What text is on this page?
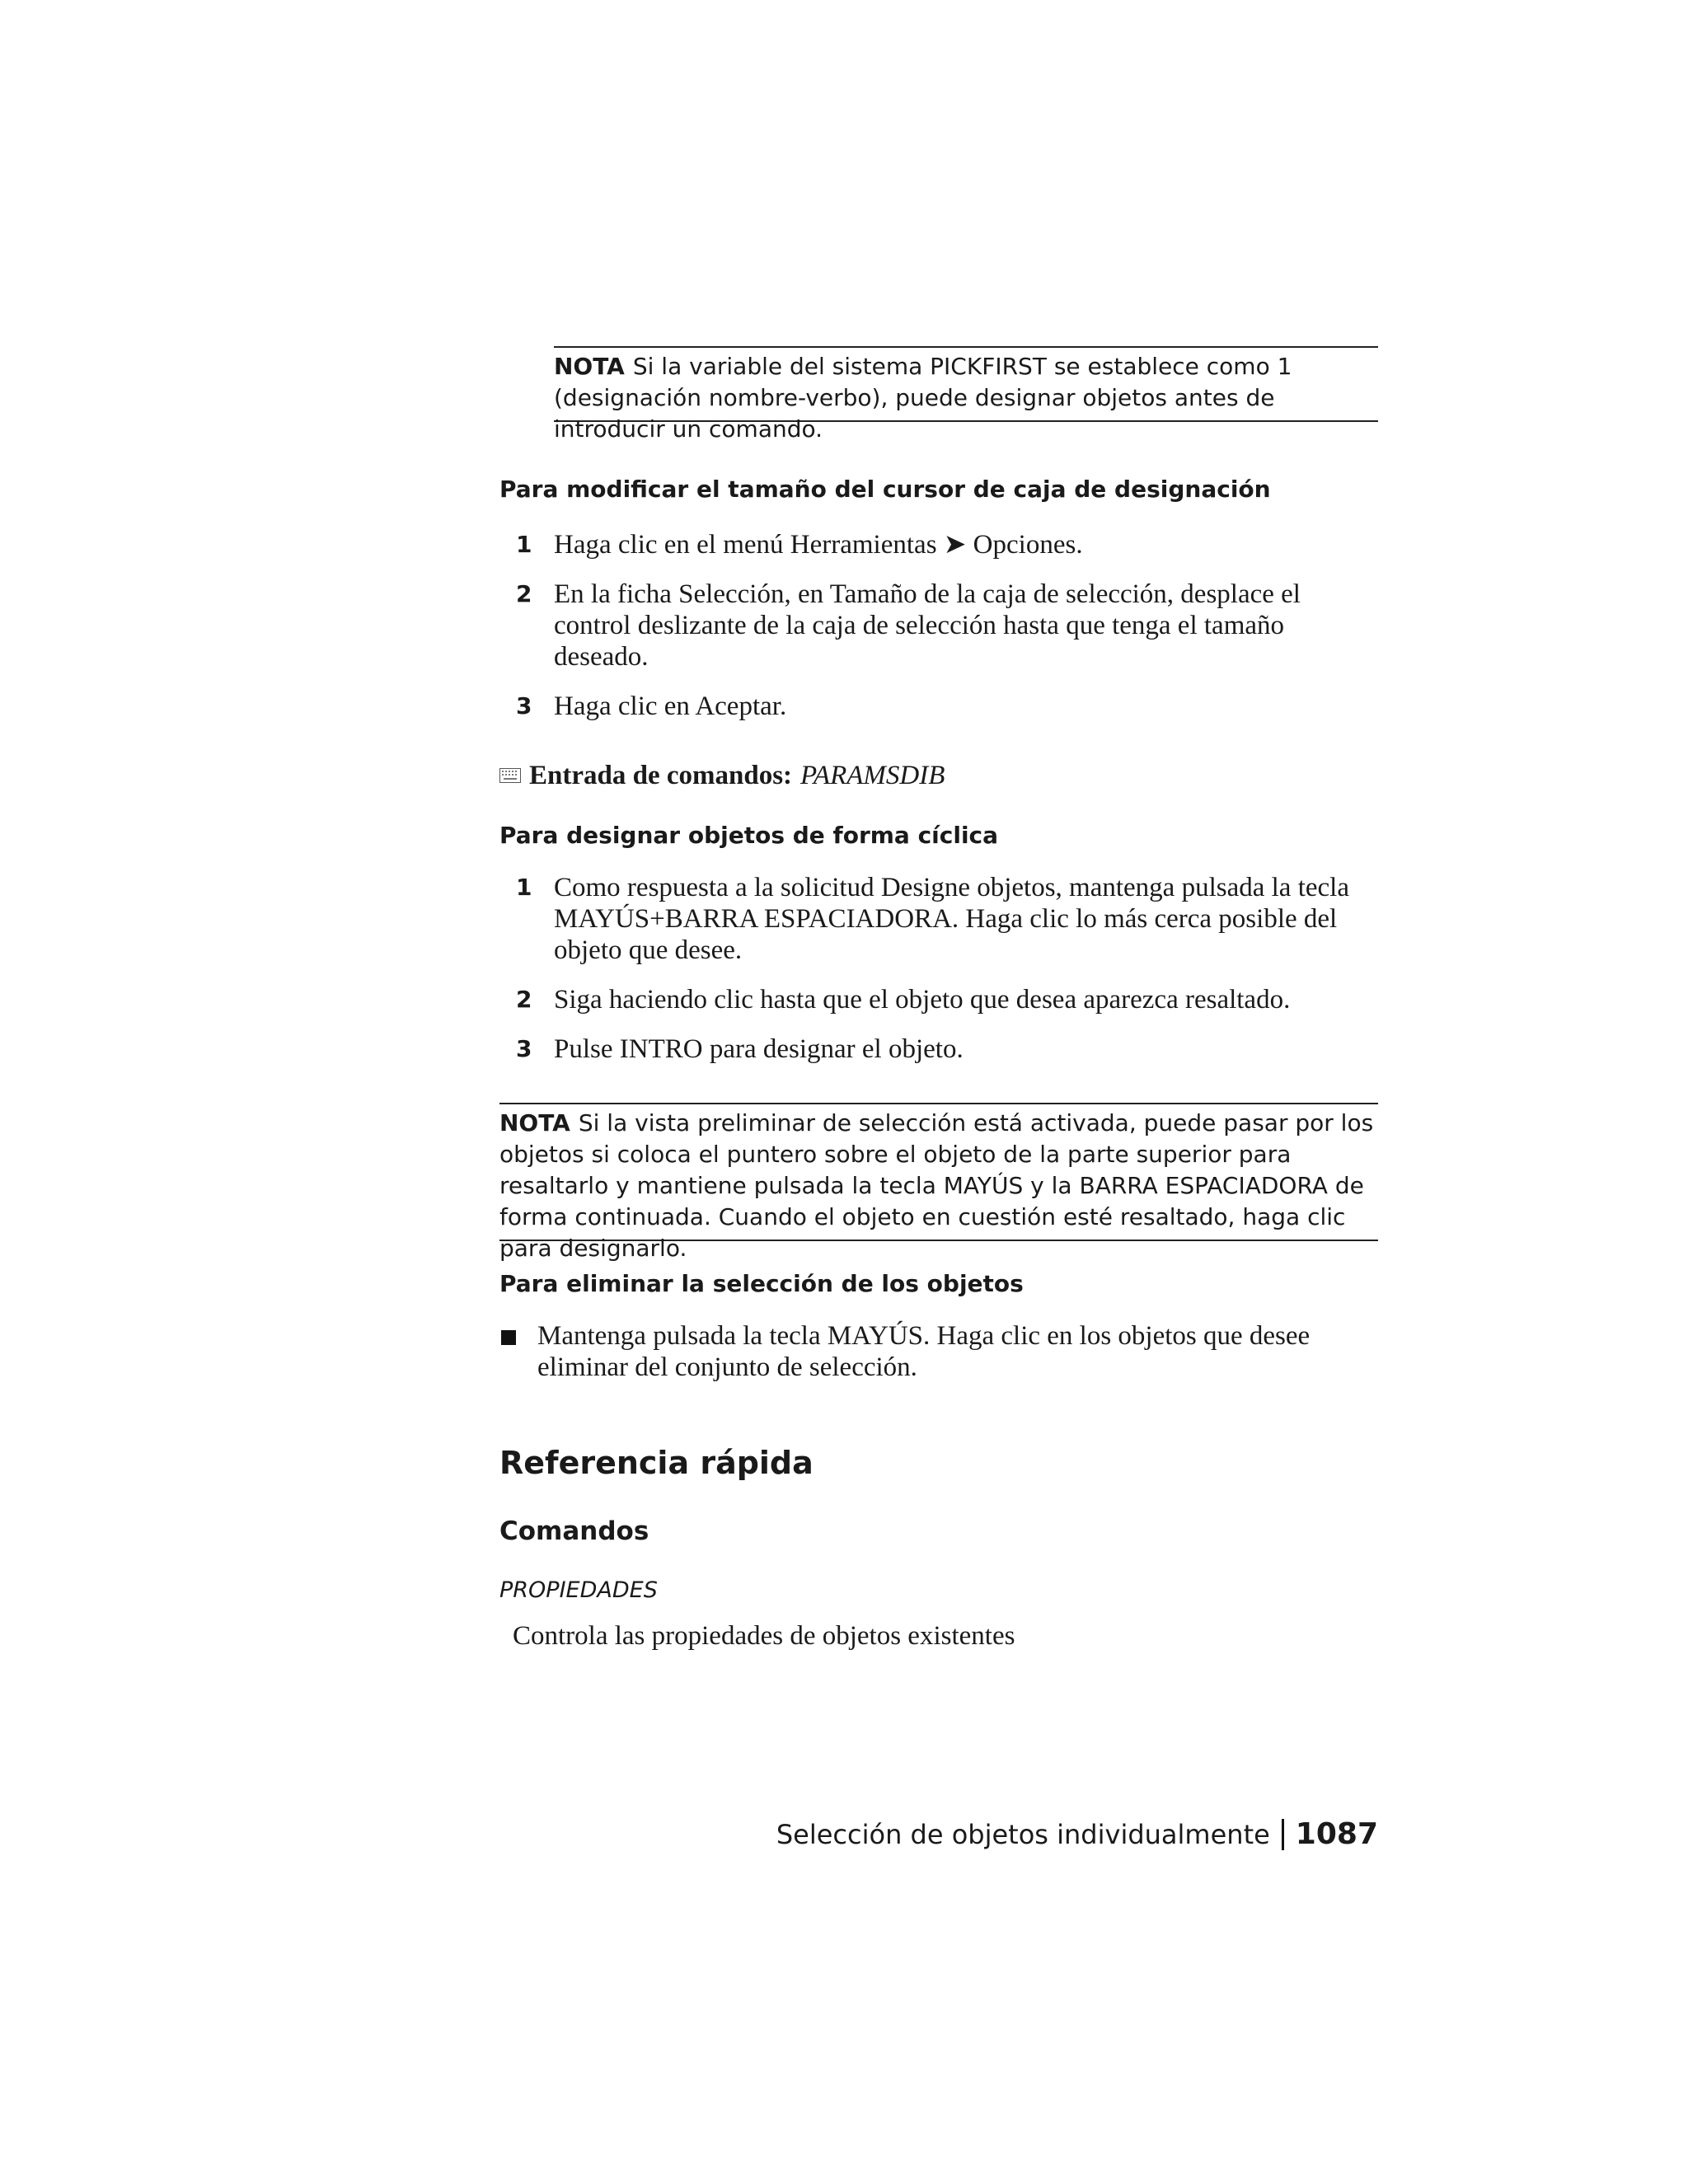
NOTA Si la variable del sistema PICKFIRST se establece como 1 (designación nombre-verbo), puede designar objetos antes de introducir un comando.
Para modificar el tamaño del cursor de caja de designación
1 Haga clic en el menú Herramientas ➤ Opciones.
2 En la ficha Selección, en Tamaño de la caja de selección, desplace el control deslizante de la caja de selección hasta que tenga el tamaño deseado.
3 Haga clic en Aceptar.
Entrada de comandos: PARAMSDIB
Para designar objetos de forma cíclica
1 Como respuesta a la solicitud Designe objetos, mantenga pulsada la tecla MAYÚS+BARRA ESPACIADORA. Haga clic lo más cerca posible del objeto que desee.
2 Siga haciendo clic hasta que el objeto que desea aparezca resaltado.
3 Pulse INTRO para designar el objeto.
NOTA Si la vista preliminar de selección está activada, puede pasar por los objetos si coloca el puntero sobre el objeto de la parte superior para resaltarlo y mantiene pulsada la tecla MAYÚS y la BARRA ESPACIADORA de forma continuada. Cuando el objeto en cuestión esté resaltado, haga clic para designarlo.
Para eliminar la selección de los objetos
Mantenga pulsada la tecla MAYÚS. Haga clic en los objetos que desee eliminar del conjunto de selección.
Referencia rápida
Comandos
PROPIEDADES
Controla las propiedades de objetos existentes
Selección de objetos individualmente 1087
